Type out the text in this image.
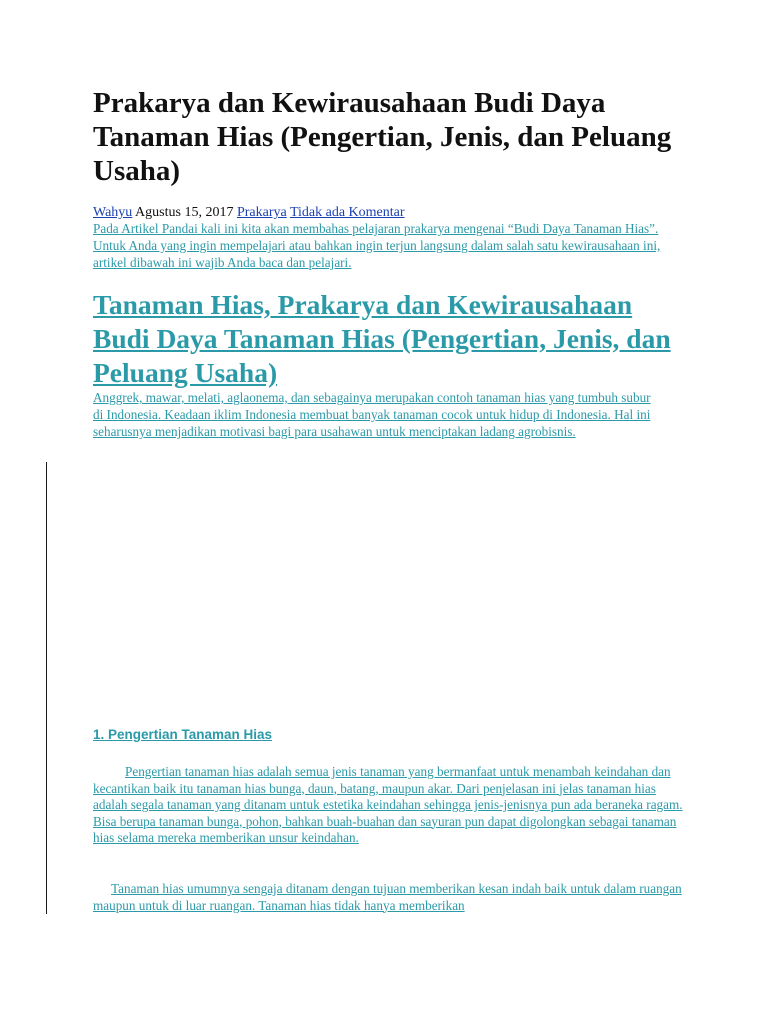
Prakarya dan Kewirausahaan Budi Daya Tanaman Hias (Pengertian, Jenis, dan Peluang Usaha)
Wahyu Agustus 15, 2017 Prakarya Tidak ada Komentar

Pada Artikel Pandai kali ini kita akan membahas pelajaran prakarya mengenai “Budi Daya Tanaman Hias”. Untuk Anda yang ingin mempelajari atau bahkan ingin terjun langsung dalam salah satu kewirausahaan ini, artikel dibawah ini wajib Anda baca dan pelajari.

Tanaman Hias, Prakarya dan Kewirausahaan Budi Daya Tanaman Hias (Pengertian, Jenis, dan Peluang Usaha)

Anggrek, mawar, melati, aglaonema, dan sebagainya merupakan contoh tanaman hias yang tumbuh subur di Indonesia. Keadaan iklim Indonesia membuat banyak tanaman cocok untuk hidup di Indonesia. Hal ini seharusnya menjadikan motivasi bagi para usahawan untuk menciptakan ladang agrobisnis.

1. Pengertian Tanaman Hias

Pengertian tanaman hias adalah semua jenis tanaman yang bermanfaat untuk menambah keindahan dan kecantikan baik itu tanaman hias bunga, daun, batang, maupun akar. Dari penjelasan ini jelas tanaman hias adalah segala tanaman yang ditanam untuk estetika keindahan sehingga jenis-jenisnya pun ada beraneka ragam. Bisa berupa tanaman bunga, pohon, bahkan buah-buahan dan sayuran pun dapat digolongkan sebagai tanaman hias selama mereka memberikan unsur keindahan.

Tanaman hias umumnya sengaja ditanam dengan tujuan memberikan kesan indah baik untuk dalam ruangan maupun untuk di luar ruangan. Tanaman hias tidak hanya memberikan
